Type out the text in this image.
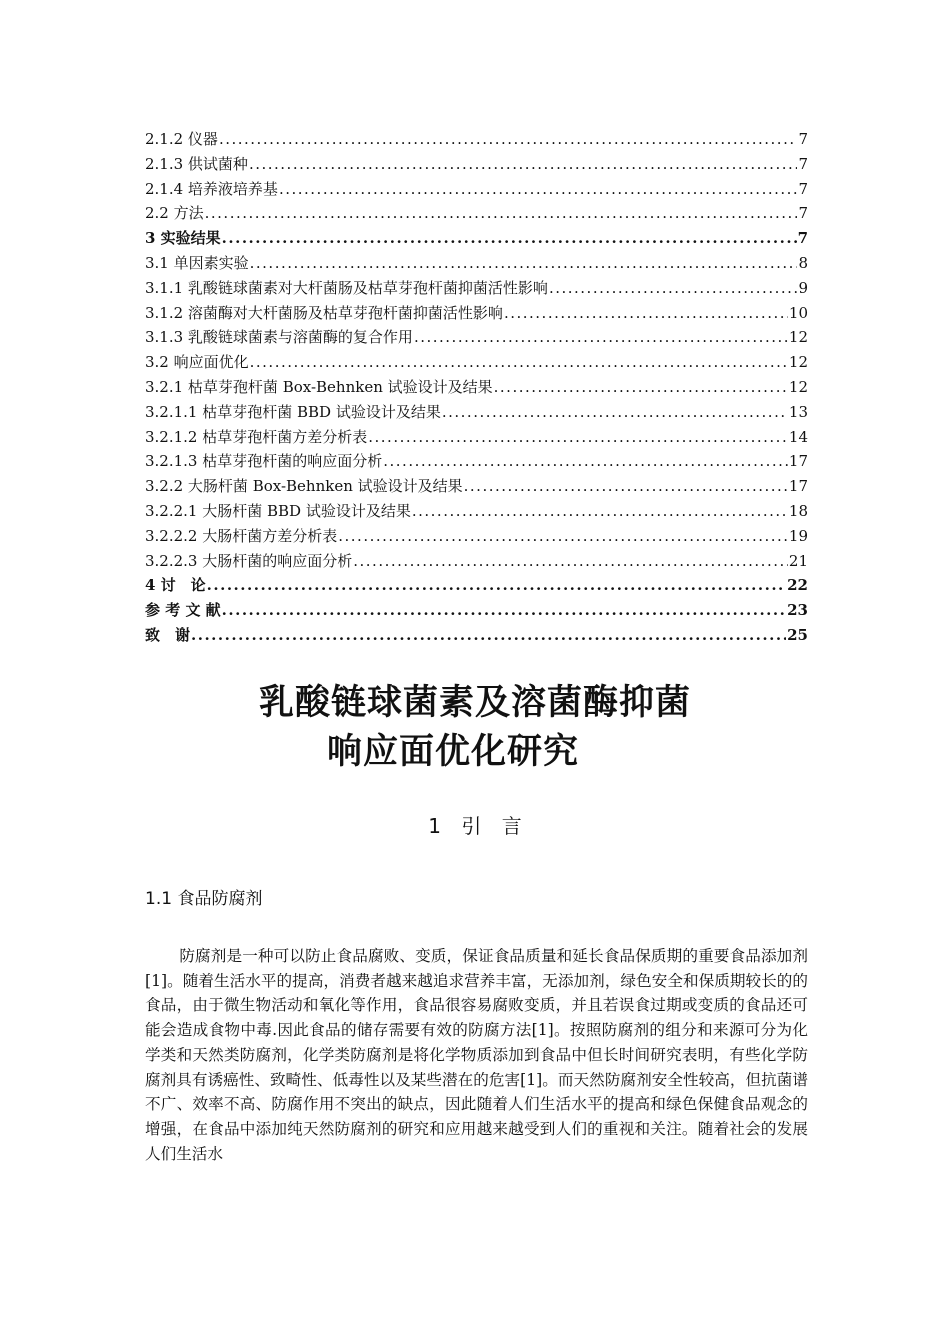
2.1.2 仪器 .....	7
2.1.3 供试菌种 .....	7
2.1.4 培养液培养基 .....	7
2.2 方法 .....	7
3 实验结果 .....	7
3.1 单因素实验 .....	8
3.1.1 乳酸链球菌素对大杆菌肠及枯草芽孢杆菌抑菌活性影响 .....	9
3.1.2 溶菌酶对大杆菌肠及枯草芽孢杆菌抑菌活性影响 .....	10
3.1.3 乳酸链球菌素与溶菌酶的复合作用 .....	12
3.2 响应面优化 .....	12
3.2.1 枯草芽孢杆菌 Box-Behnken 试验设计及结果 .....	12
3.2.1.1 枯草芽孢杆菌 BBD 试验设计及结果 .....	13
3.2.1.2 枯草芽孢杆菌方差分析表 .....	14
3.2.1.3 枯草芽孢杆菌的响应面分析 .....	17
3.2.2 大肠杆菌 Box-Behnken 试验设计及结果 .....	17
3.2.2.1 大肠杆菌 BBD 试验设计及结果 .....	18
3.2.2.2 大肠杆菌方差分析表 .....	19
3.2.2.3 大肠杆菌的响应面分析 .....	21
4 讨　论 .....	22
参 考 文 献 .....	23
致　谢 .....	25
乳酸链球菌素及溶菌酶抑菌
响应面优化研究
1 引 言
1.1 食品防腐剂

防腐剂是一种可以防止食品腐败、变质，保证食品质量和延长食品保质期的重要食品添加剂[1]。随着生活水平的提高，消费者越来越追求营养丰富，无添加剂，绿色安全和保质期较长的的食品，由于微生物活动和氧化等作用，食品很容易腐败变质，并且若误食过期或变质的食品还可能会造成食物中毒.因此食品的储存需要有效的防腐方法[1]。按照防腐剂的组分和来源可分为化学类和天然类防腐剂，化学类防腐剂是将化学物质添加到食品中但长时间研究表明，有些化学防腐剂具有诱癌性、致畸性、低毒性以及某些潜在的危害[1]。而天然防腐剂安全性较高，但抗菌谱不广、效率不高、防腐作用不突出的缺点，因此随着人们生活水平的提高和绿色保健食品观念的增强，在食品中添加纯天然防腐剂的研究和应用越来越受到人们的重视和关注。随着社会的发展人们生活水
